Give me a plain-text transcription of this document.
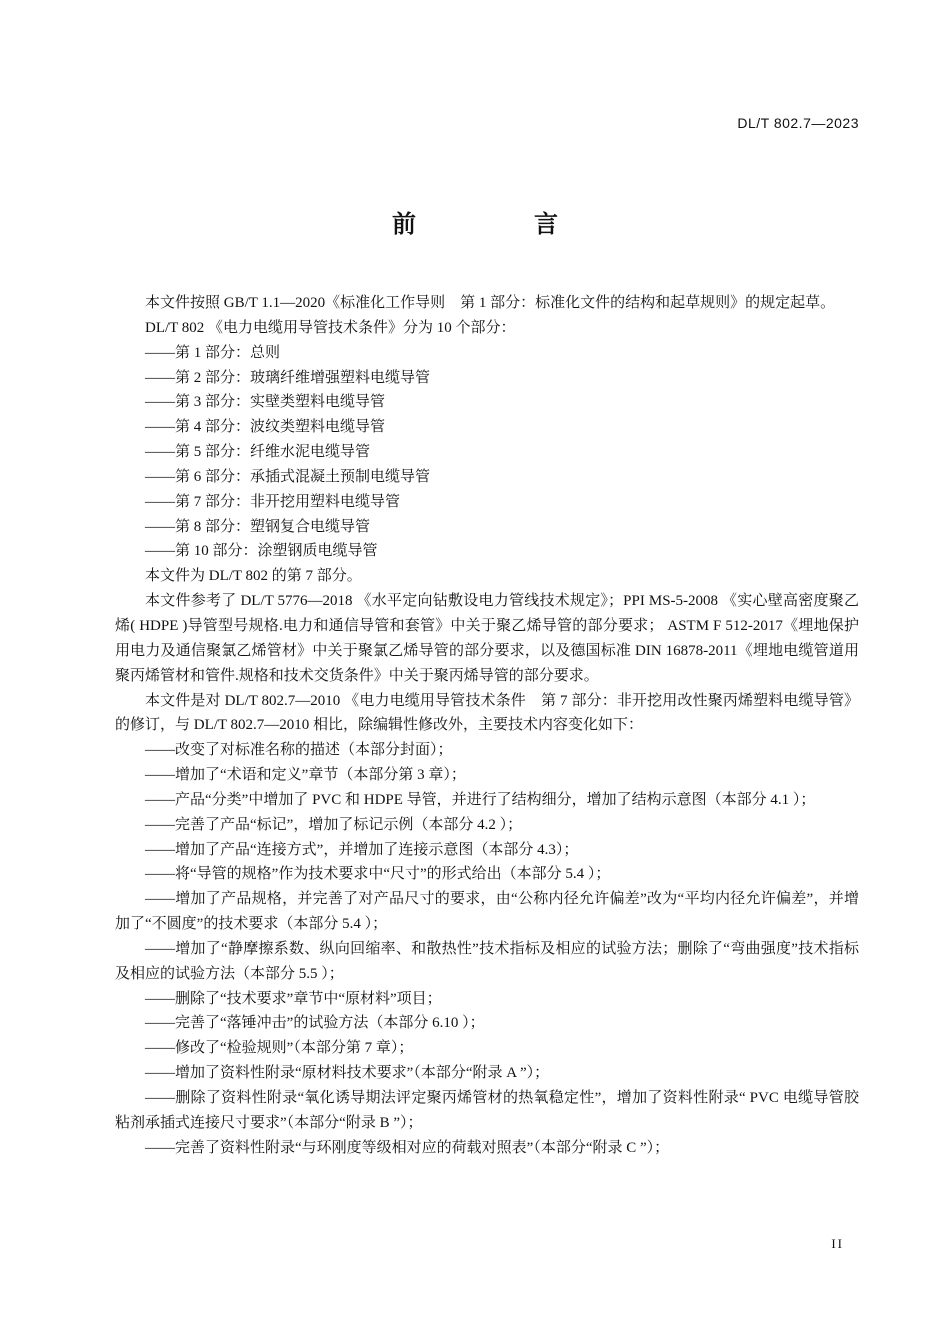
DL/T 802.7—2023
前 言

本文件按照 GB/T 1.1—2020《标准化工作导则　第 1 部分：标准化文件的结构和起草规则》的规定起草。

DL/T 802 《电力电缆用导管技术条件》分为 10 个部分：

——第 1 部分：总则

——第 2 部分：玻璃纤维增强塑料电缆导管

——第 3 部分：实壁类塑料电缆导管

——第 4 部分：波纹类塑料电缆导管

——第 5 部分：纤维水泥电缆导管

——第 6 部分：承插式混凝土预制电缆导管

——第 7 部分：非开挖用塑料电缆导管

——第 8 部分：塑钢复合电缆导管

——第 10 部分：涂塑钢质电缆导管

本文件为 DL/T 802 的第 7 部分。

本文件参考了 DL/T 5776—2018 《水平定向钻敷设电力管线技术规定》；PPI MS-5-2008 《实心壁高密度聚乙烯( HDPE )导管型号规格.电力和通信导管和套管》中关于聚乙烯导管的部分要求； ASTM F 512-2017《埋地保护用电力及通信聚氯乙烯管材》中关于聚氯乙烯导管的部分要求，以及德国标准 DIN 16878-2011《埋地电缆管道用聚丙烯管材和管件.规格和技术交货条件》中关于聚丙烯导管的部分要求。

本文件是对 DL/T 802.7—2010 《电力电缆用导管技术条件　第 7 部分：非开挖用改性聚丙烯塑料电缆导管》的修订，与 DL/T 802.7—2010 相比，除编辑性修改外，主要技术内容变化如下：

——改变了对标准名称的描述（本部分封面）；

——增加了“术语和定义”章节（本部分第 3 章）；

——产品“分类”中增加了 PVC 和 HDPE 导管，并进行了结构细分，增加了结构示意图（本部分 4.1 ）；

——完善了产品“标记”，增加了标记示例（本部分 4.2 ）；

——增加了产品“连接方式”，并增加了连接示意图（本部分 4.3）；

——将“导管的规格”作为技术要求中“尺寸”的形式给出（本部分 5.4 ）；

——增加了产品规格，并完善了对产品尺寸的要求，由“公称内径允许偏差”改为“平均内径允许偏差”，并增加了“不圆度”的技术要求（本部分 5.4 ）；

——增加了“静摩擦系数、纵向回缩率、和散热性”技术指标及相应的试验方法；删除了“弯曲强度”技术指标及相应的试验方法（本部分 5.5 ）；

——删除了“技术要求”章节中“原材料”项目；

——完善了“落锤冲击”的试验方法（本部分 6.10 ）；

——修改了“检验规则”（本部分第 7 章）；

——增加了资料性附录“原材料技术要求”（本部分“附录 A ”）；

——删除了资料性附录“氧化诱导期法评定聚丙烯管材的热氧稳定性”，增加了资料性附录“ PVC 电缆导管胶粘剂承插式连接尺寸要求”（本部分“附录 B ”）；

——完善了资料性附录“与环刚度等级相对应的荷载对照表”（本部分“附录 C ”）；

II
